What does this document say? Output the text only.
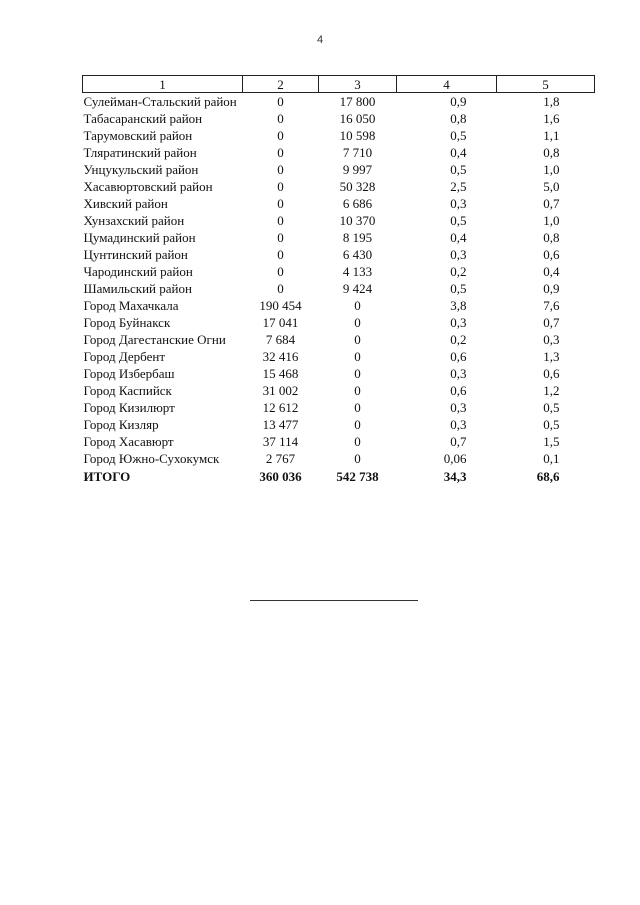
4
1	2	3	4	5
Сулейман-Стальский район	0	17 800	0,9	1,8
Табасаранский район	0	16 050	0,8	1,6
Тарумовский район	0	10 598	0,5	1,1
Тляратинский район	0	7 710	0,4	0,8
Унцукульский район	0	9 997	0,5	1,0
Хасавюртовский район	0	50 328	2,5	5,0
Хивский район	0	6 686	0,3	0,7
Хунзахский район	0	10 370	0,5	1,0
Цумадинский район	0	8 195	0,4	0,8
Цунтинский район	0	6 430	0,3	0,6
Чародинский район	0	4 133	0,2	0,4
Шамильский район	0	9 424	0,5	0,9
Город Махачкала	190 454	0	3,8	7,6
Город Буйнакск	17 041	0	0,3	0,7
Город Дагестанские Огни	7 684	0	0,2	0,3
Город Дербент	32 416	0	0,6	1,3
Город Избербаш	15 468	0	0,3	0,6
Город Каспийск	31 002	0	0,6	1,2
Город Кизилюрт	12 612	0	0,3	0,5
Город Кизляр	13 477	0	0,3	0,5
Город Хасавюрт	37 114	0	0,7	1,5
Город Южно-Сухокумск	2 767	0	0,06	0,1
ИТОГО	360 036	542 738	34,3	68,6
